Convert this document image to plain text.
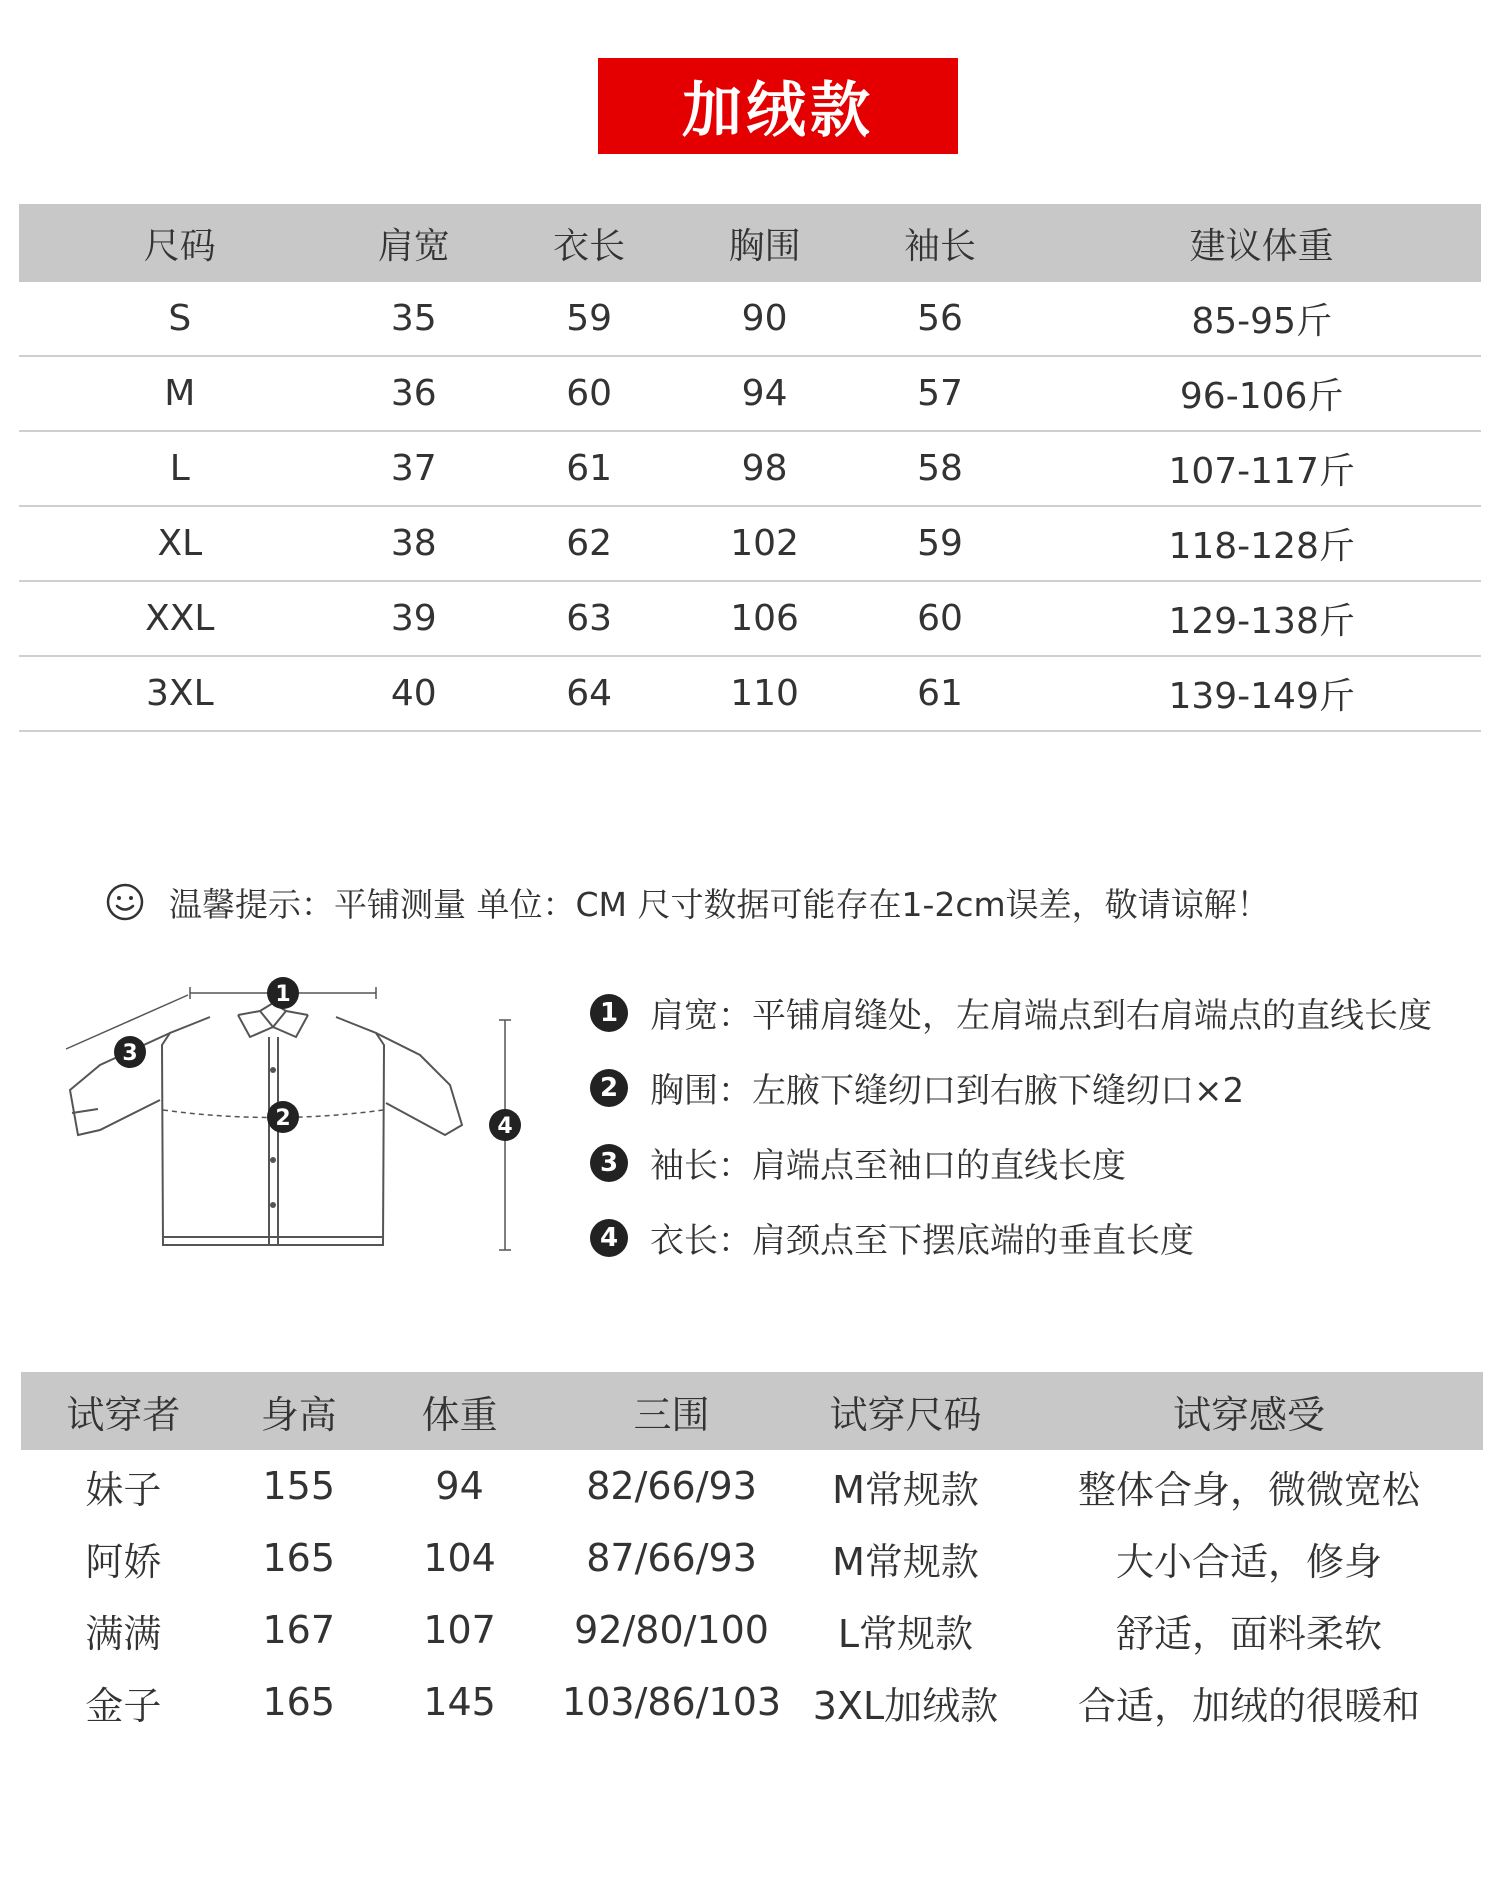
加绒款
尺码	肩宽	衣长	胸围	袖长	建议体重
S	35	59	90	56	85-95斤
M	36	60	94	57	96-106斤
L	37	61	98	58	107-117斤
XL	38	62	102	59	118-128斤
XXL	39	63	106	60	129-138斤
3XL	40	64	110	61	139-149斤
温馨提示：平铺测量 单位：CM 尺寸数据可能存在1-2cm误差，敬请谅解！
1
2
3
4
1 肩宽：平铺肩缝处，左肩端点到右肩端点的直线长度
2 胸围：左腋下缝纫口到右腋下缝纫口×2
3 袖长：肩端点至袖口的直线长度
4 衣长：肩颈点至下摆底端的垂直长度
试穿者	身高	体重	三围	试穿尺码	试穿感受
妹子	155	94	82/66/93	M常规款	整体合身，微微宽松
阿娇	165	104	87/66/93	M常规款	大小合适，修身
满满	167	107	92/80/100	L常规款	舒适，面料柔软
金子	165	145	103/86/103	3XL加绒款	合适，加绒的很暖和
